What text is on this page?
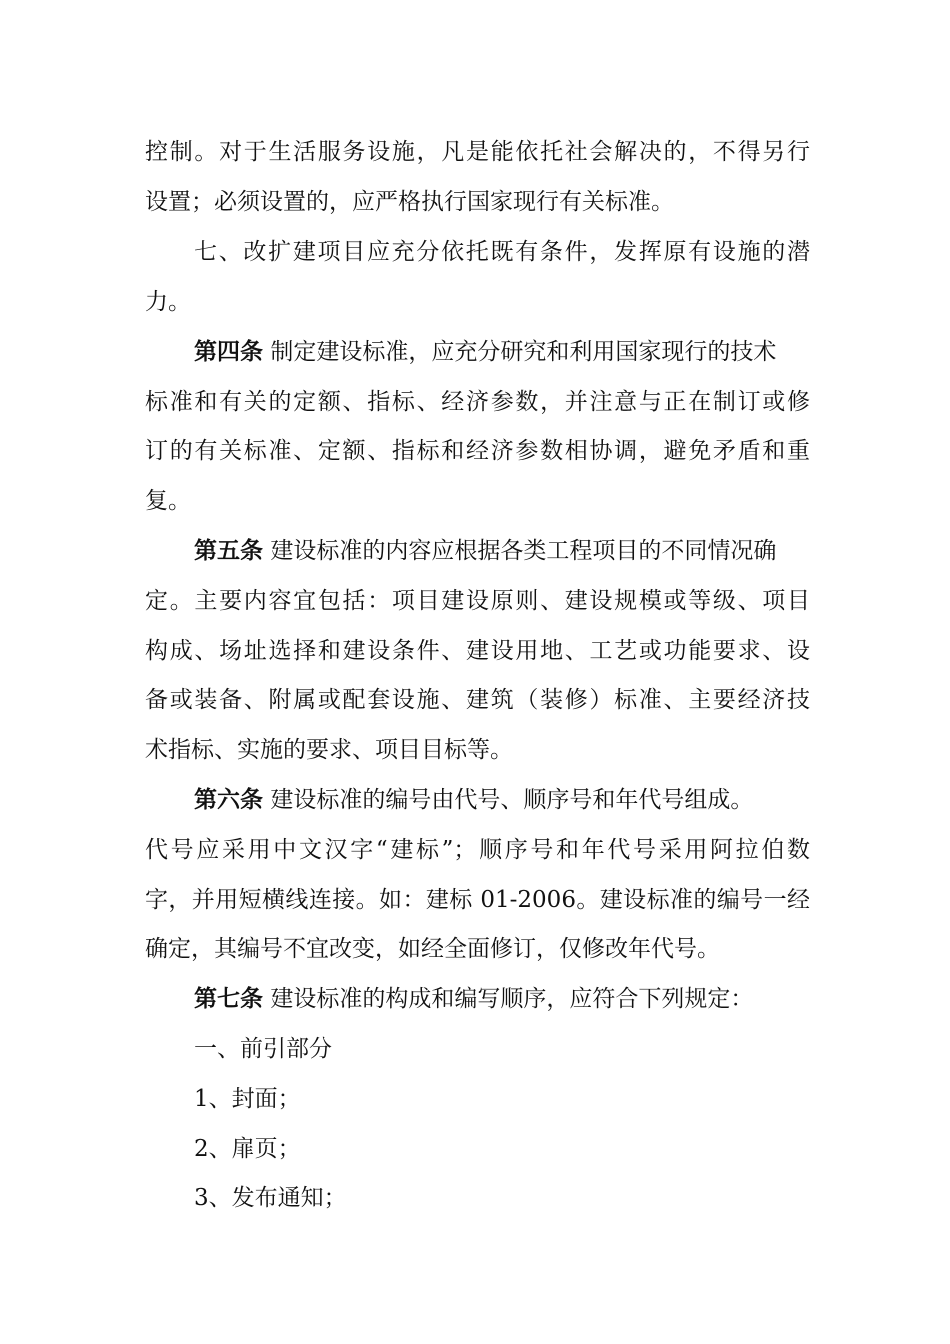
控制。对于生活服务设施，凡是能依托社会解决的，不得另行
设置；必须设置的，应严格执行国家现行有关标准。
七、改扩建项目应充分依托既有条件，发挥原有设施的潜
力。
第四条 制定建设标准，应充分研究和利用国家现行的技术
标准和有关的定额、指标、经济参数，并注意与正在制订或修
订的有关标准、定额、指标和经济参数相协调，避免矛盾和重
复。
第五条 建设标准的内容应根据各类工程项目的不同情况确
定。主要内容宜包括：项目建设原则、建设规模或等级、项目
构成、场址选择和建设条件、建设用地、工艺或功能要求、设
备或装备、附属或配套设施、建筑（装修）标准、主要经济技
术指标、实施的要求、项目目标等。
第六条 建设标准的编号由代号、顺序号和年代号组成。
代号应采用中文汉字“建标”；顺序号和年代号采用阿拉伯数
字，并用短横线连接。如：建标 01-2006。建设标准的编号一经
确定，其编号不宜改变，如经全面修订，仅修改年代号。
第七条 建设标准的构成和编写顺序，应符合下列规定：
一、前引部分
1、封面；
2、扉页；
3、发布通知；
